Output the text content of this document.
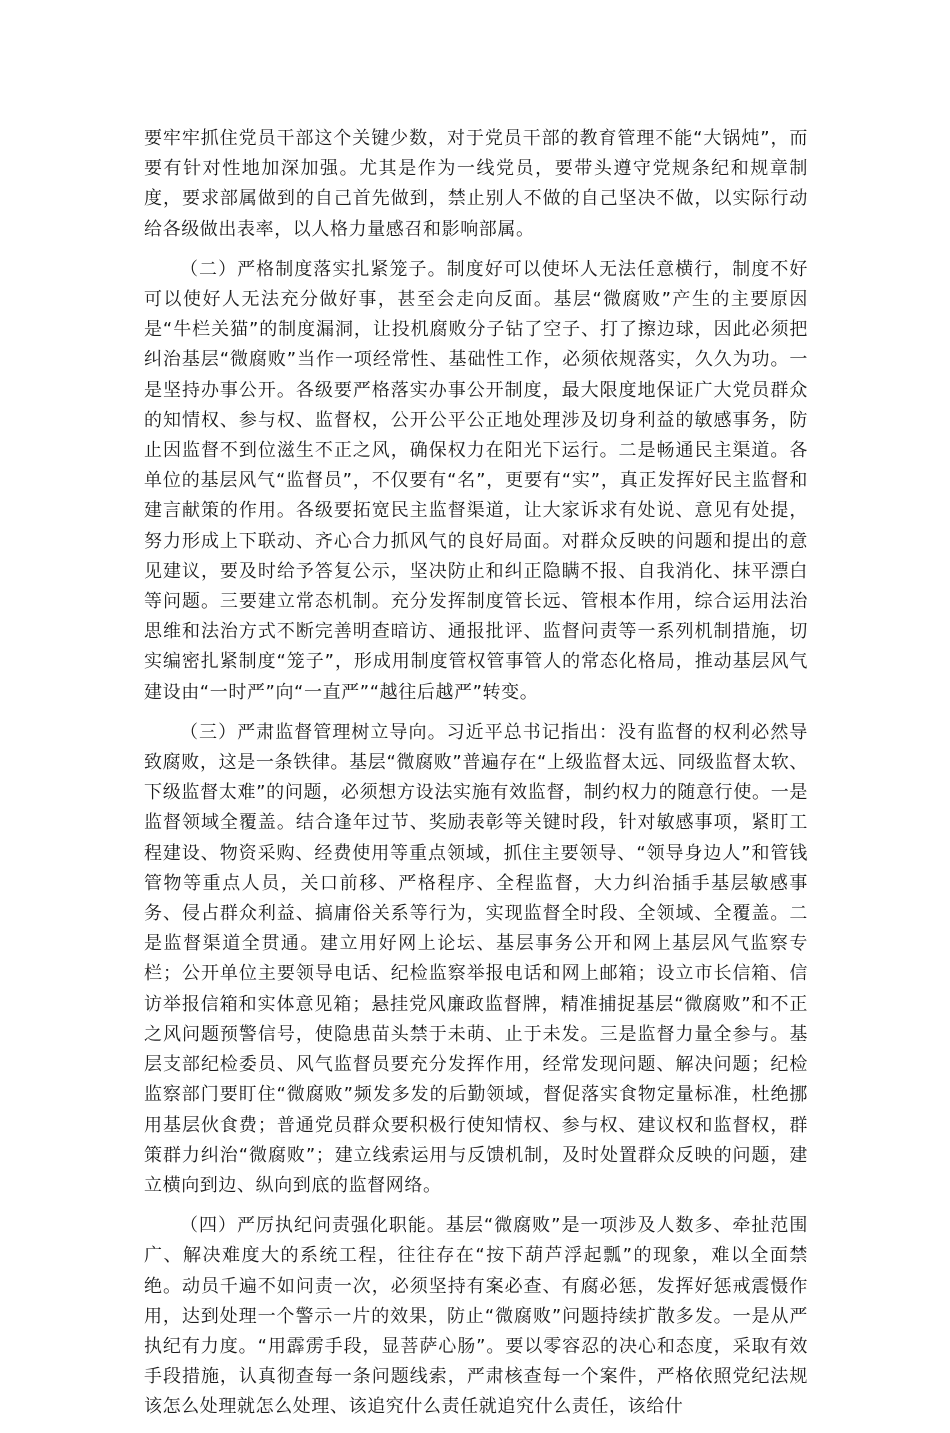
要牢牢抓住党员干部这个关键少数，对于党员干部的教育管理不能“大锅炖”，而要有针对性地加深加强。尤其是作为一线党员，要带头遵守党规条纪和规章制度，要求部属做到的自己首先做到，禁止别人不做的自己坚决不做，以实际行动给各级做出表率，以人格力量感召和影响部属。

（二）严格制度落实扎紧笼子。制度好可以使坏人无法任意横行，制度不好可以使好人无法充分做好事，甚至会走向反面。基层“微腐败”产生的主要原因是“牛栏关猫”的制度漏洞，让投机腐败分子钻了空子、打了擦边球，因此必须把纠治基层“微腐败”当作一项经常性、基础性工作，必须依规落实，久久为功。一是坚持办事公开。各级要严格落实办事公开制度，最大限度地保证广大党员群众的知情权、参与权、监督权，公开公平公正地处理涉及切身利益的敏感事务，防止因监督不到位滋生不正之风，确保权力在阳光下运行。二是畅通民主渠道。各单位的基层风气“监督员”，不仅要有“名”，更要有“实”，真正发挥好民主监督和建言献策的作用。各级要拓宽民主监督渠道，让大家诉求有处说、意见有处提，努力形成上下联动、齐心合力抓风气的良好局面。对群众反映的问题和提出的意见建议，要及时给予答复公示，坚决防止和纠正隐瞒不报、自我消化、抹平漂白等问题。三要建立常态机制。充分发挥制度管长远、管根本作用，综合运用法治思维和法治方式不断完善明查暗访、通报批评、监督问责等一系列机制措施，切实编密扎紧制度“笼子”，形成用制度管权管事管人的常态化格局，推动基层风气建设由“一时严”向“一直严”“越往后越严”转变。

（三）严肃监督管理树立导向。习近平总书记指出：没有监督的权利必然导致腐败，这是一条铁律。基层“微腐败”普遍存在“上级监督太远、同级监督太软、下级监督太难”的问题，必须想方设法实施有效监督，制约权力的随意行使。一是监督领域全覆盖。结合逢年过节、奖励表彰等关键时段，针对敏感事项，紧盯工程建设、物资采购、经费使用等重点领域，抓住主要领导、“领导身边人”和管钱管物等重点人员，关口前移、严格程序、全程监督，大力纠治插手基层敏感事务、侵占群众利益、搞庸俗关系等行为，实现监督全时段、全领域、全覆盖。二是监督渠道全贯通。建立用好网上论坛、基层事务公开和网上基层风气监察专栏；公开单位主要领导电话、纪检监察举报电话和网上邮箱；设立市长信箱、信访举报信箱和实体意见箱；悬挂党风廉政监督牌，精准捕捉基层“微腐败”和不正之风问题预警信号，使隐患苗头禁于未萌、止于未发。三是监督力量全参与。基层支部纪检委员、风气监督员要充分发挥作用，经常发现问题、解决问题；纪检监察部门要盯住“微腐败”频发多发的后勤领域，督促落实食物定量标准，杜绝挪用基层伙食费；普通党员群众要积极行使知情权、参与权、建议权和监督权，群策群力纠治“微腐败”；建立线索运用与反馈机制，及时处置群众反映的问题，建立横向到边、纵向到底的监督网络。

（四）严厉执纪问责强化职能。基层“微腐败”是一项涉及人数多、牵扯范围广、解决难度大的系统工程，往往存在“按下葫芦浮起瓢”的现象，难以全面禁绝。动员千遍不如问责一次，必须坚持有案必查、有腐必惩，发挥好惩戒震慑作用，达到处理一个警示一片的效果，防止“微腐败”问题持续扩散多发。一是从严执纪有力度。“用霹雳手段，显菩萨心肠”。要以零容忍的决心和态度，采取有效手段措施，认真彻查每一条问题线索，严肃核查每一个案件，严格依照党纪法规该怎么处理就怎么处理、该追究什么责任就追究什么责任，该给什
